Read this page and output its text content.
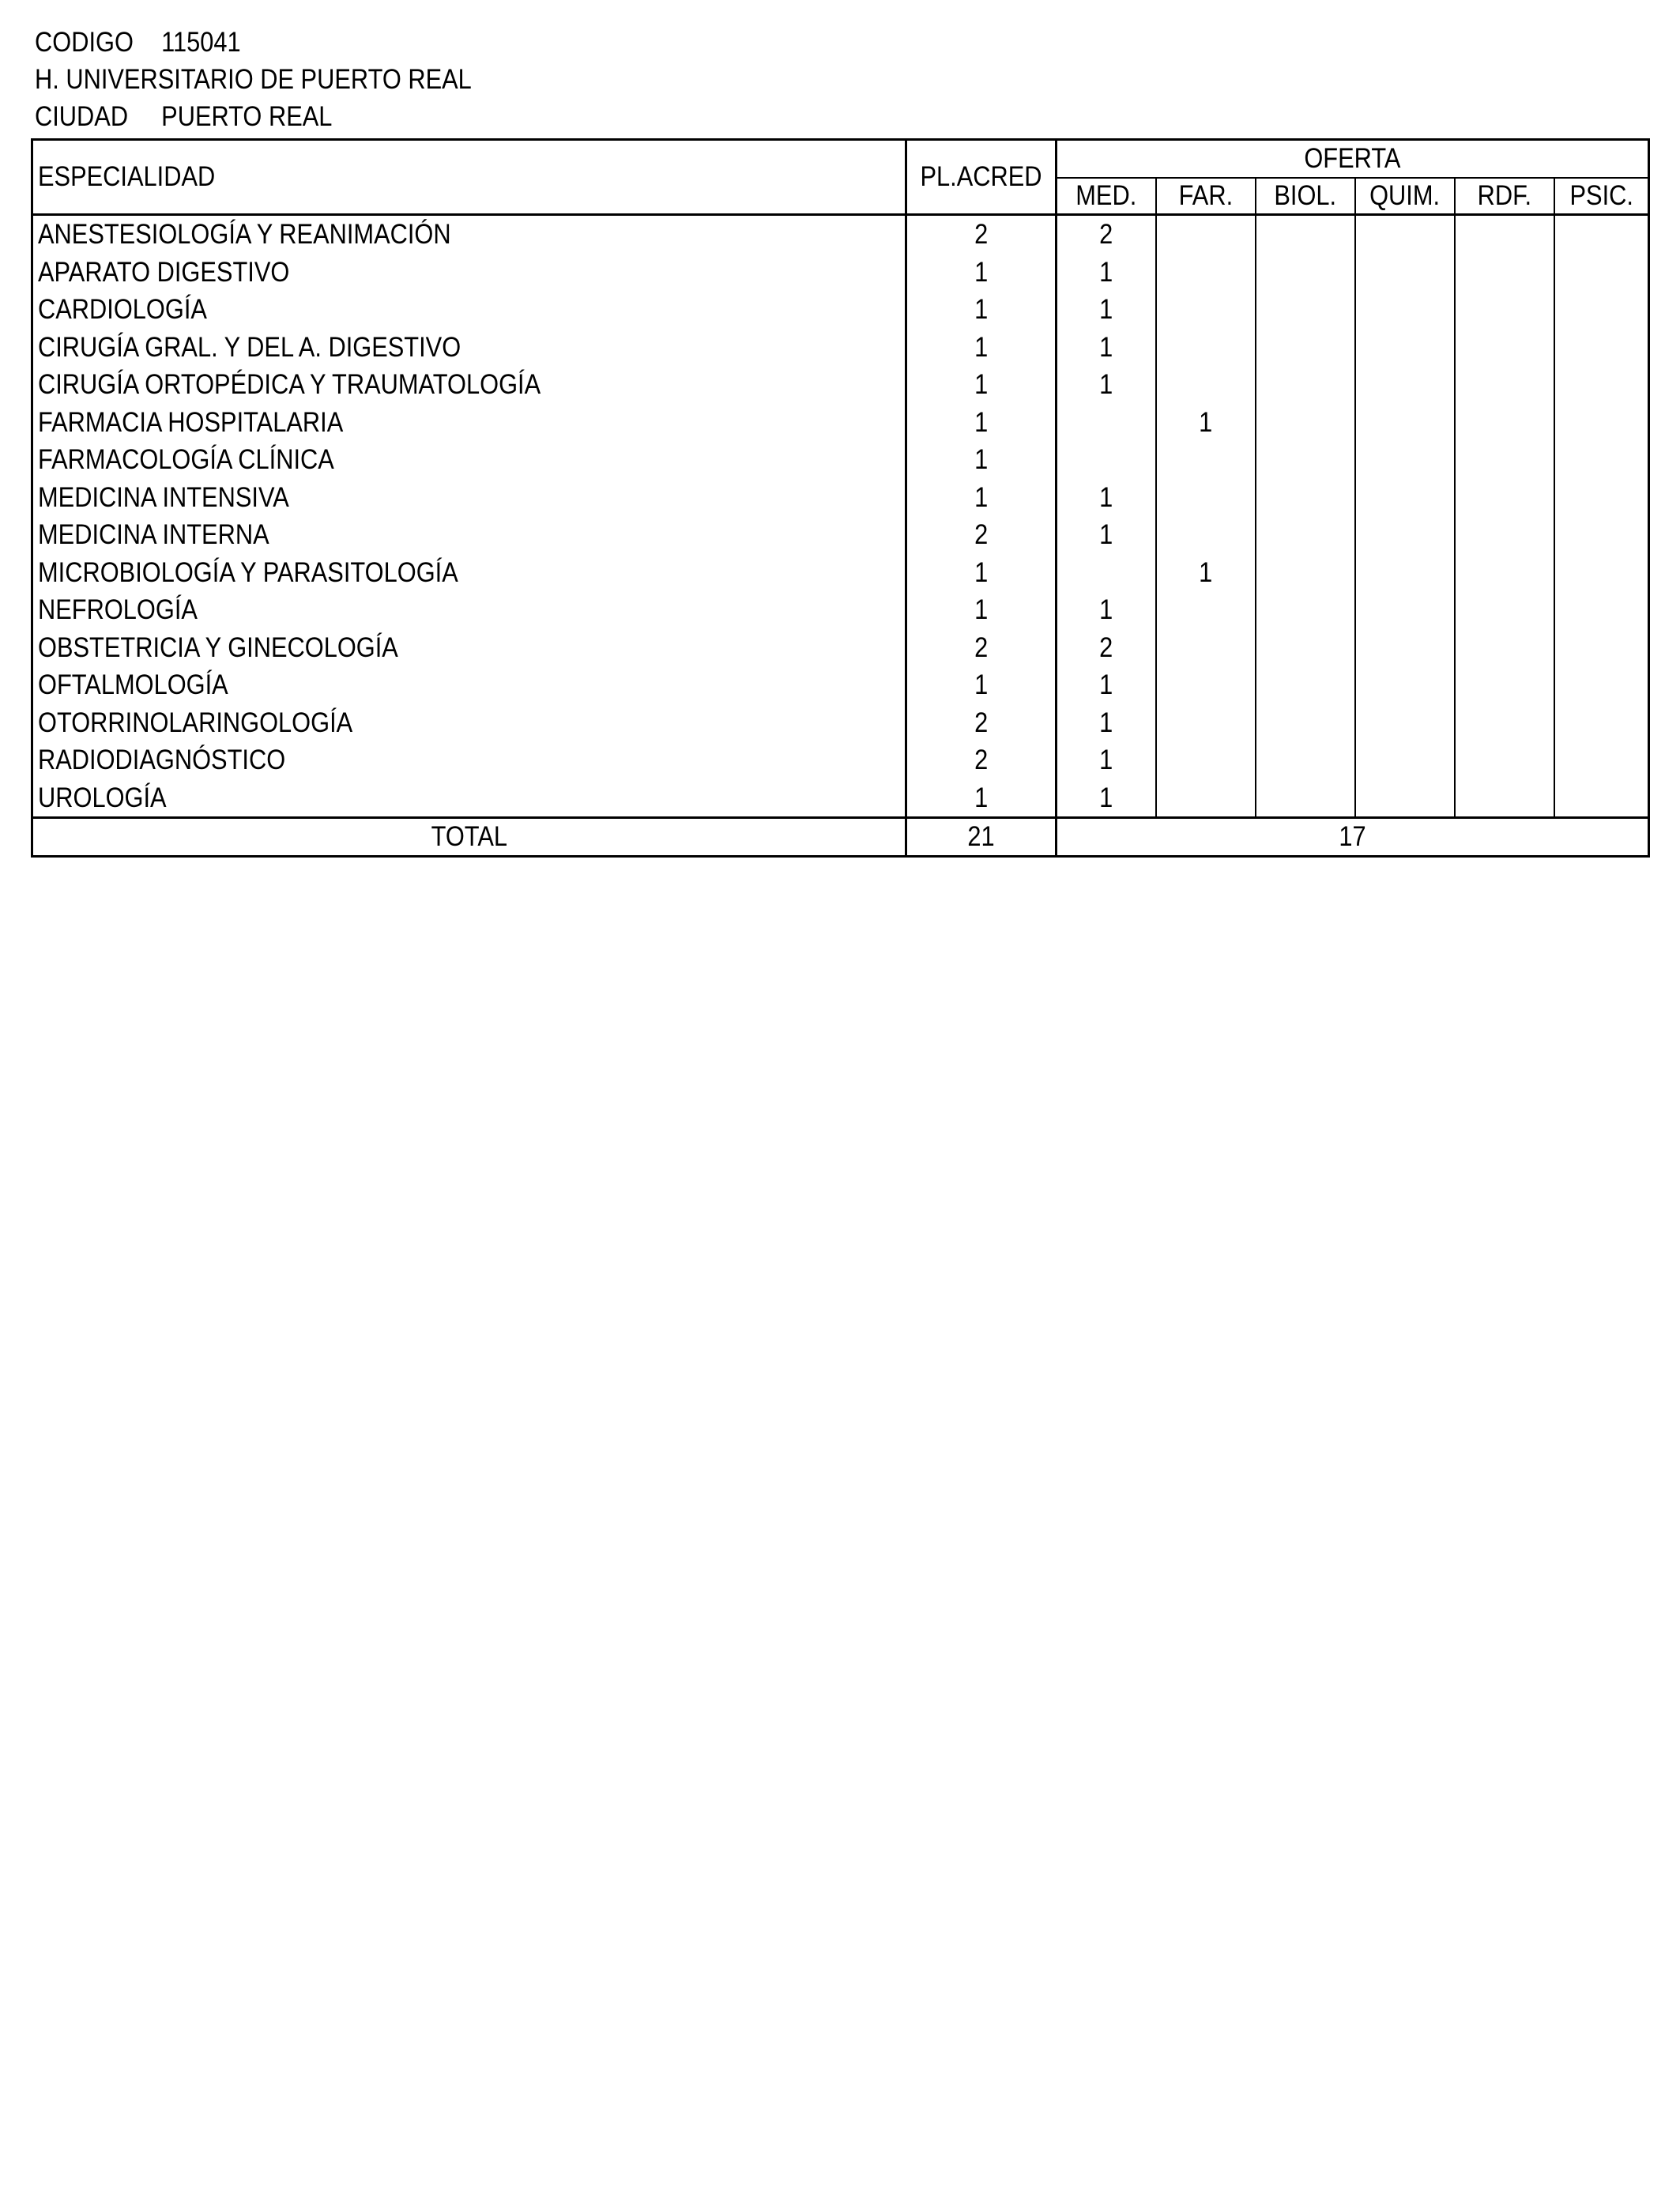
CODIGO	115041
H. UNIVERSITARIO DE PUERTO REAL
CIUDAD	PUERTO REAL
ESPECIALIDAD	PL.ACRED	OFERTA					
		MED.	FAR.	BIOL.	QUIM.	RDF.	PSIC.
ANESTESIOLOGÍA Y REANIMACIÓN	2	2					
APARATO DIGESTIVO	1	1					
CARDIOLOGÍA	1	1					
CIRUGÍA GRAL. Y DEL A. DIGESTIVO	1	1					
CIRUGÍA ORTOPÉDICA Y TRAUMATOLOGÍA	1	1					
FARMACIA HOSPITALARIA	1		1				
FARMACOLOGÍA CLÍNICA	1						
MEDICINA INTENSIVA	1	1					
MEDICINA INTERNA	2	1					
MICROBIOLOGÍA Y PARASITOLOGÍA	1		1				
NEFROLOGÍA	1	1					
OBSTETRICIA Y GINECOLOGÍA	2	2					
OFTALMOLOGÍA	1	1					
OTORRINOLARINGOLOGÍA	2	1					
RADIODIAGNÓSTICO	2	1					
UROLOGÍA	1	1					
TOTAL	21	17					
